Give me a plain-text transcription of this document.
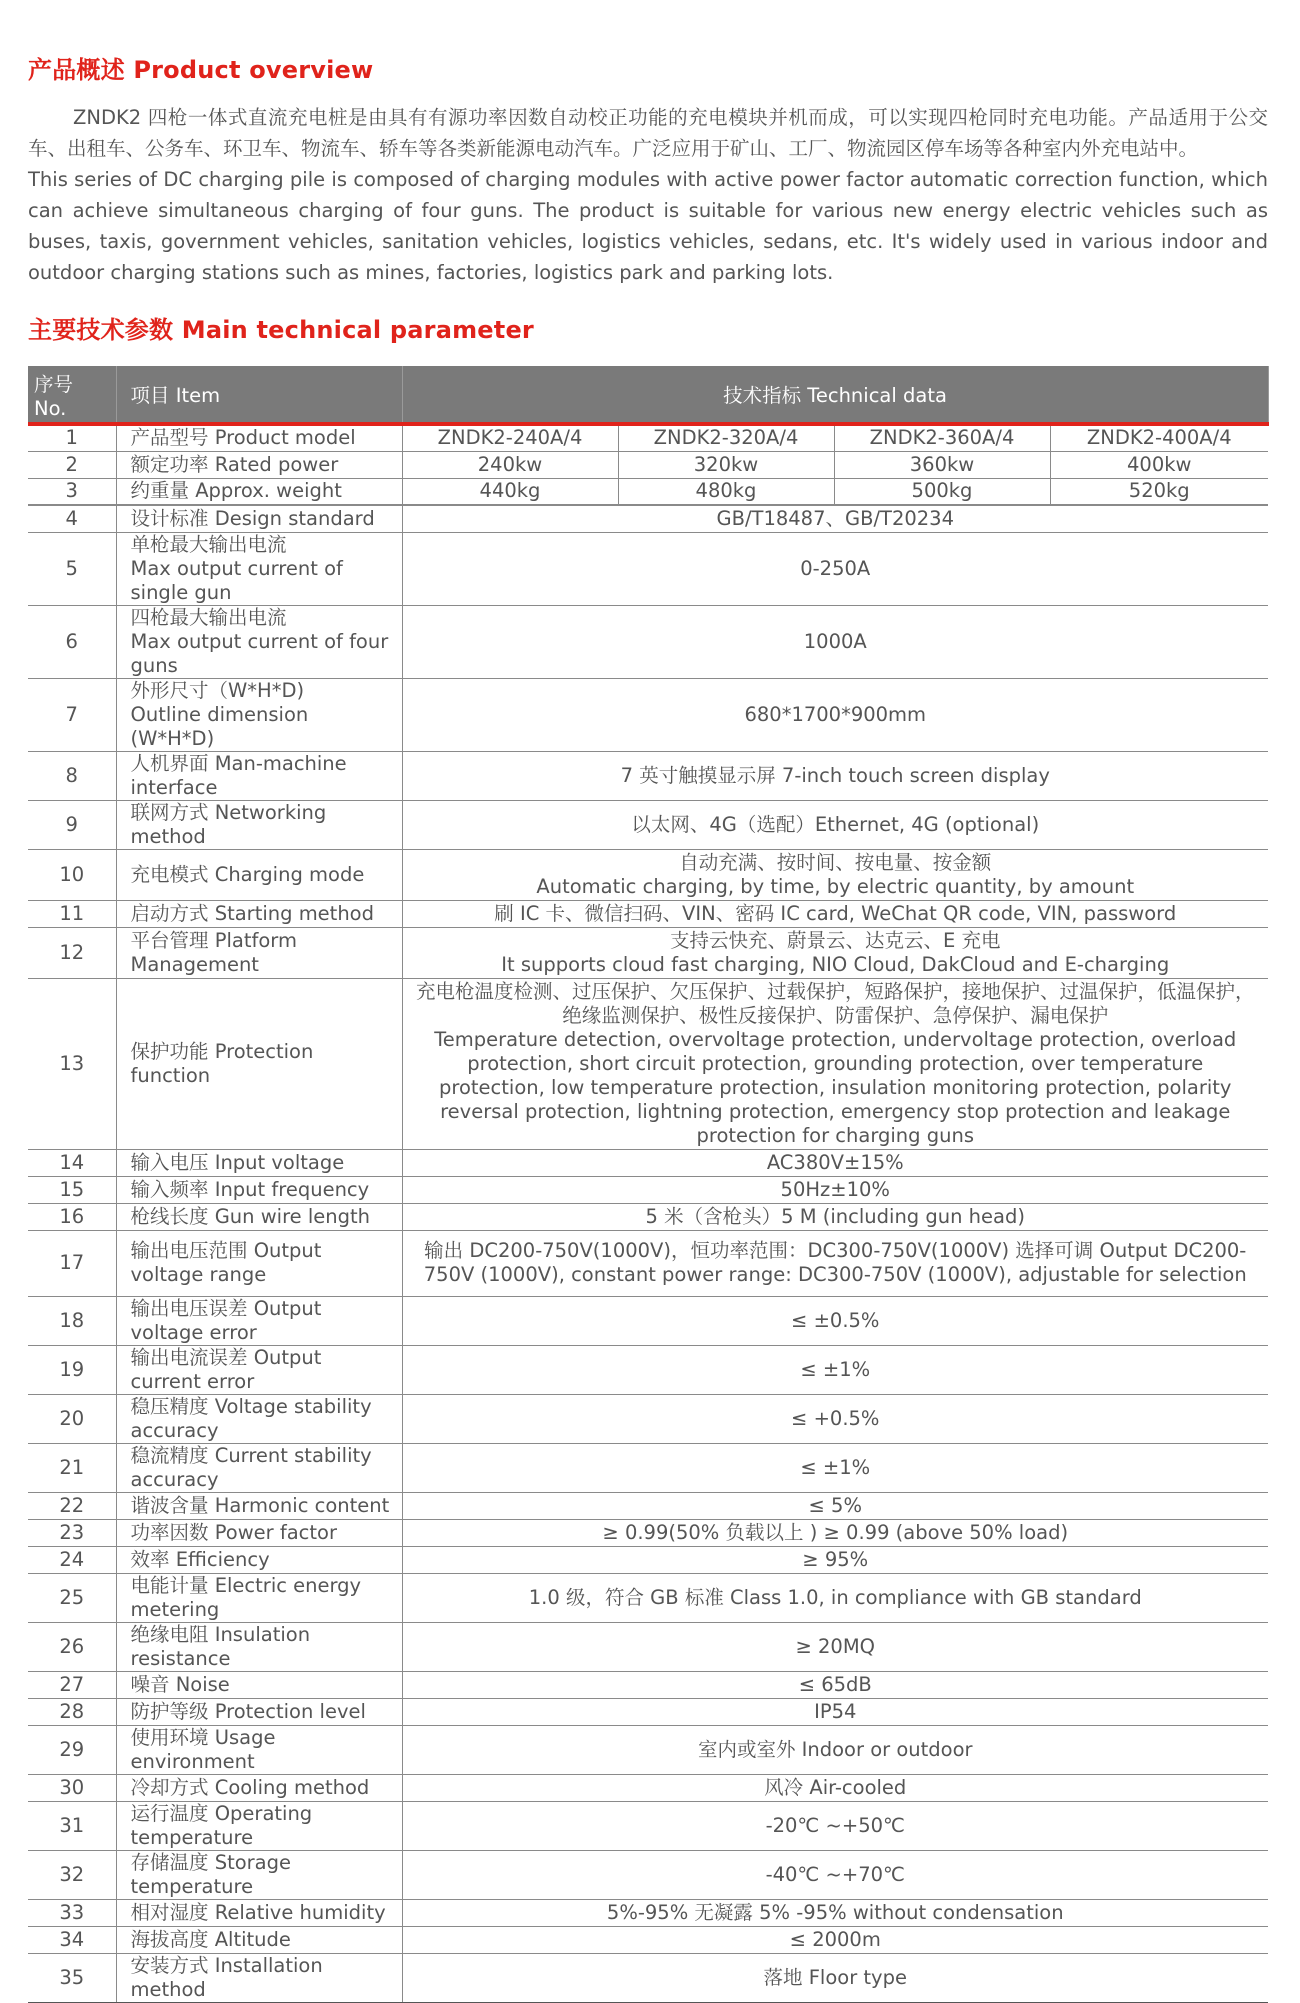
产品概述 Product overview

ZNDK2 四枪一体式直流充电桩是由具有有源功率因数自动校正功能的充电模块并机而成，可以实现四枪同时充电功能。产品适用于公交车、出租车、公务车、环卫车、物流车、轿车等各类新能源电动汽车。广泛应用于矿山、工厂、物流园区停车场等各种室内外充电站中。

This series of DC charging pile is composed of charging modules with active power factor automatic correction function, which can achieve simultaneous charging of four guns. The product is suitable for various new energy electric vehicles such as buses, taxis, government vehicles, sanitation vehicles, logistics vehicles, sedans, etc. It's widely used in various indoor and outdoor charging stations such as mines, factories, logistics park and parking lots.

主要技术参数 Main technical parameter
序号 No.	项目 Item	技术指标 Technical data			
1	产品型号 Product model	ZNDK2-240A/4	ZNDK2-320A/4	ZNDK2-360A/4	ZNDK2-400A/4
2	额定功率 Rated power	240kw	320kw	360kw	400kw
3	约重量 Approx. weight	440kg	480kg	500kg	520kg
4	设计标准 Design standard	GB/T18487、GB/T20234			

5	单枪最大输出电流
Max output current of single gun	0-250A			

6	四枪最大输出电流
Max output current of four guns	1000A			

7	外形尺寸（W*H*D)
Outline dimension (W*H*D)	680*1700*900mm			

8	人机界面 Man-machine interface	7 英寸触摸显示屏 7-inch touch screen display			

9	联网方式 Networking method	以太网、4G（选配）Ethernet, 4G (optional)			

10	充电模式 Charging mode	自动充满、按时间、按电量、按金额
Automatic charging, by time, by electric quantity, by amount			

11	启动方式 Starting method	刷 IC 卡、微信扫码、VIN、密码 IC card, WeChat QR code, VIN, password			

12	平台管理 Platform Management	支持云快充、蔚景云、达克云、E 充电
It supports cloud fast charging, NIO Cloud, DakCloud and E-charging			

13	保护功能 Protection function	充电枪温度检测、过压保护、欠压保护、过载保护，短路保护，接地保护、过温保护，低温保护，绝缘监测保护、极性反接保护、防雷保护、急停保护、漏电保护
Temperature detection, overvoltage protection, undervoltage protection, overload protection, short circuit protection, grounding protection, over temperature protection, low temperature protection, insulation monitoring protection, polarity reversal protection, lightning protection, emergency stop protection and leakage protection for charging guns			

14	输入电压 Input voltage	AC380V±15%			

15	输入频率 Input frequency	50Hz±10%			

16	枪线长度 Gun wire length	5 米（含枪头）5 M (including gun head)			

17	输出电压范围 Output voltage range	输出 DC200-750V(1000V)，恒功率范围：DC300-750V(1000V) 选择可调 Output DC200-750V (1000V), constant power range: DC300-750V (1000V), adjustable for selection			

18	输出电压误差 Output voltage error	≤ ±0.5%			

19	输出电流误差 Output current error	≤ ±1%			

20	稳压精度 Voltage stability accuracy	≤ +0.5%			

21	稳流精度 Current stability accuracy	≤ ±1%			

22	谐波含量 Harmonic content	≤ 5%			

23	功率因数 Power factor	≥ 0.99(50% 负载以上 ) ≥ 0.99 (above 50% load)			

24	效率 Efficiency	≥ 95%			

25	电能计量 Electric energy metering	1.0 级，符合 GB 标准 Class 1.0, in compliance with GB standard			

26	绝缘电阻 Insulation resistance	≥ 20MQ			

27	噪音 Noise	≤ 65dB			

28	防护等级 Protection level	IP54			

29	使用环境 Usage environment	室内或室外 Indoor or outdoor			

30	冷却方式 Cooling method	风冷 Air-cooled			

31	运行温度 Operating temperature	-20℃ ~+50℃			

32	存储温度 Storage temperature	-40℃ ~+70℃			

33	相对湿度 Relative humidity	5%-95% 无凝露 5% -95% without condensation			

34	海拔高度 Altitude	≤ 2000m			

35	安装方式 Installation method	落地 Floor type			
